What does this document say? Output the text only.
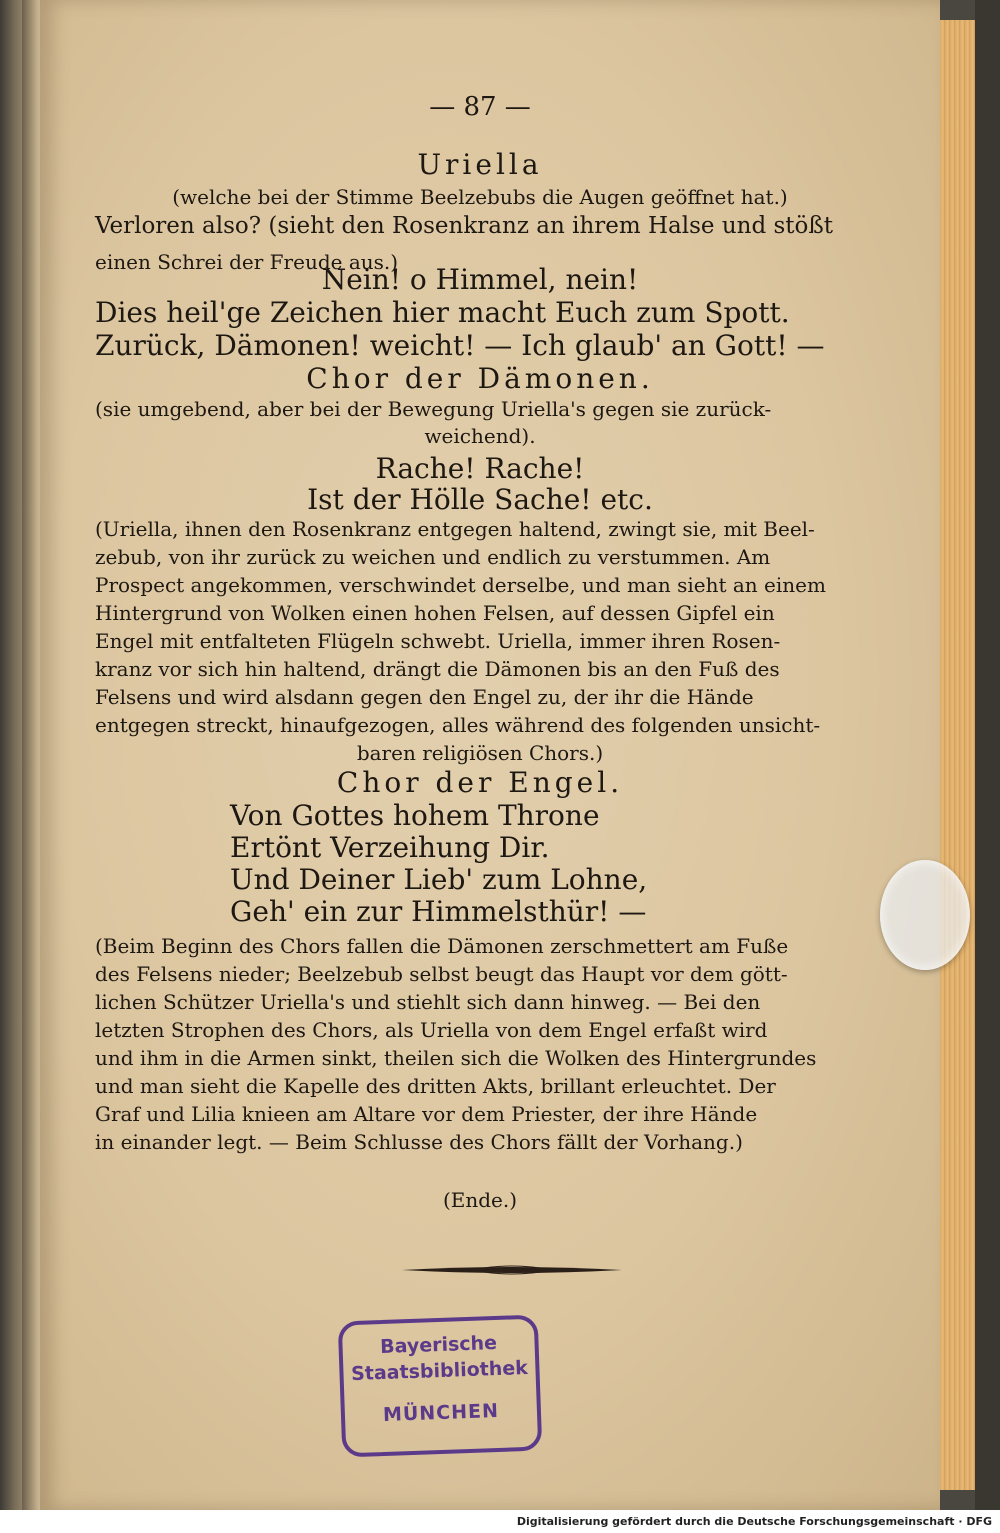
Uriella
(welche bei der Stimme Beelzebubs die Augen geöffnet hat.)
Verloren also? (sieht den Rosenkranz an ihrem Halse und stößt
einen Schrei der Freude aus.)
Nein! o Himmel, nein!
Dies heil'ge Zeichen hier macht Euch zum Spott.
Zurück, Dämonen! weicht! — Ich glaub' an Gott! —
Chor der Dämonen.
(sie umgebend, aber bei der Bewegung Uriella's gegen sie zurück-
weichend).
Rache! Rache!
Ist der Hölle Sache! etc.
(Uriella, ihnen den Rosenkranz entgegen haltend, zwingt sie, mit Beel-
zebub, von ihr zurück zu weichen und endlich zu verstummen. Am
Prospect angekommen, verschwindet derselbe, und man sieht an einem
Hintergrund von Wolken einen hohen Felsen, auf dessen Gipfel ein
Engel mit entfalteten Flügeln schwebt. Uriella, immer ihren Rosen-
kranz vor sich hin haltend, drängt die Dämonen bis an den Fuß des
Felsens und wird alsdann gegen den Engel zu, der ihr die Hände
entgegen streckt, hinaufgezogen, alles während des folgenden unsicht-
baren religiösen Chors.)
Chor der Engel.
Von Gottes hohem Throne
Ertönt Verzeihung Dir.
Und Deiner Lieb' zum Lohne,
Geh' ein zur Himmelsthür! —
(Beim Beginn des Chors fallen die Dämonen zerschmettert am Fuße
des Felsens nieder; Beelzebub selbst beugt das Haupt vor dem gött-
lichen Schützer Uriella's und stiehlt sich dann hinweg. — Bei den
letzten Strophen des Chors, als Uriella von dem Engel erfaßt wird
und ihm in die Armen sinkt, theilen sich die Wolken des Hintergrundes
und man sieht die Kapelle des dritten Akts, brillant erleuchtet. Der
Graf und Lilia knieen am Altare vor dem Priester, der ihre Hände
in einander legt. — Beim Schlusse des Chors fällt der Vorhang.)
(Ende.)
— 87 —
Bayerische
Staatsbibliothek
MÜNCHEN
Digitalisierung gefördert durch die Deutsche Forschungsgemeinschaft · DFG
